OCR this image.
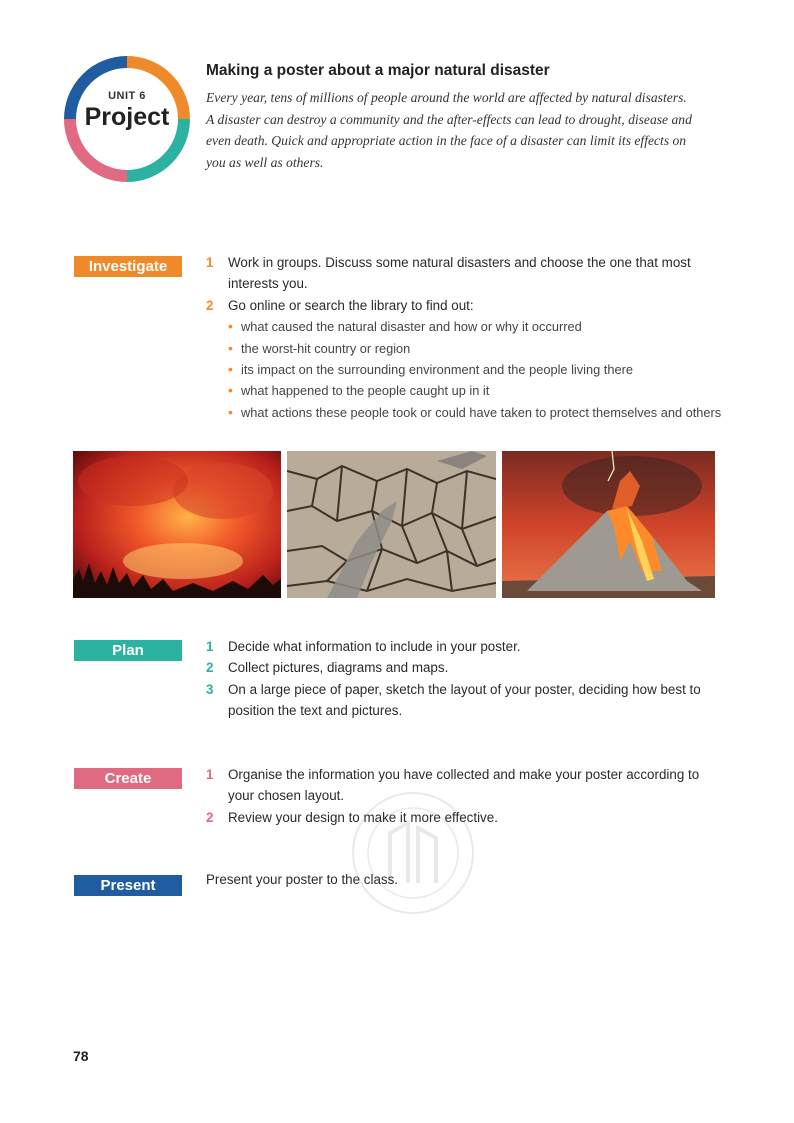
UNIT 6
Project
Making a poster about a major natural disaster
Every year, tens of millions of people around the world are affected by natural disasters. A disaster can destroy a community and the after-effects can lead to drought, disease and even death. Quick and appropriate action in the face of a disaster can limit its effects on you as well as others.
Investigate	1 Work in groups. Discuss some natural disasters and choose the one that most interests you.
2 Go online or search the library to find out:
• what caused the natural disaster and how or why it occurred
• the worst-hit country or region
• its impact on the surrounding environment and the people living there
• what happened to the people caught up in it
• what actions these people took or could have taken to protect themselves and others
Plan	1 Decide what information to include in your poster.
2 Collect pictures, diagrams and maps.
3 On a large piece of paper, sketch the layout of your poster, deciding how best to position the text and pictures.
Create	1 Organise the information you have collected and make your poster according to your chosen layout.
2 Review your design to make it more effective.
Present	Present your poster to the class.
78
